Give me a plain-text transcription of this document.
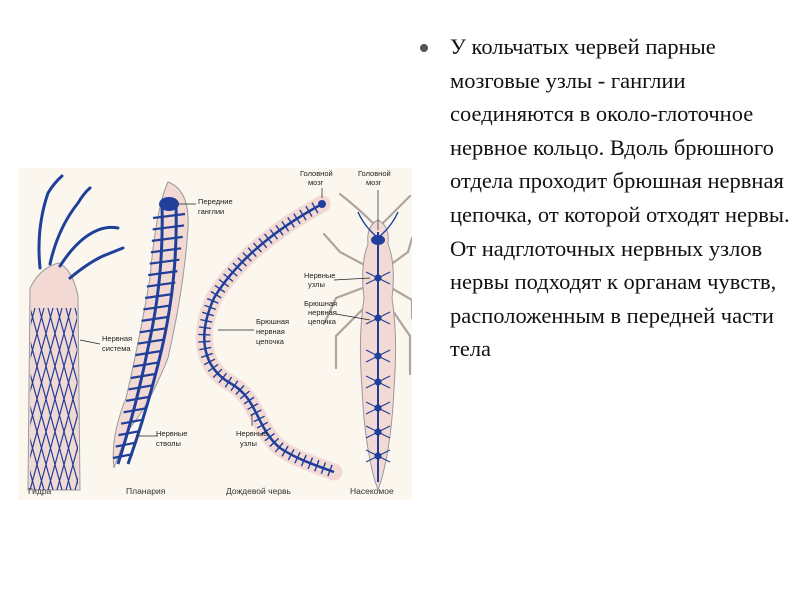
Нервная
система
Гидра
Передние
ганглии
Нервные
стволы
Планария
Головной
мозг
Брюшная
нервная
цепочка
Нервные
узлы
Дождевой червь
Головной
мозг
Нервные
узлы
Брюшная
нервная
цепочка
Насекомое

У кольчатых червей парные мозговые узлы - ганглии соединяются в около-глоточное нервное кольцо. Вдоль брюшного отдела проходит брюшная нервная цепочка, от которой отходят нервы. От надглоточных нервных узлов нервы подходят к органам чувств, расположенным в передней части тела
